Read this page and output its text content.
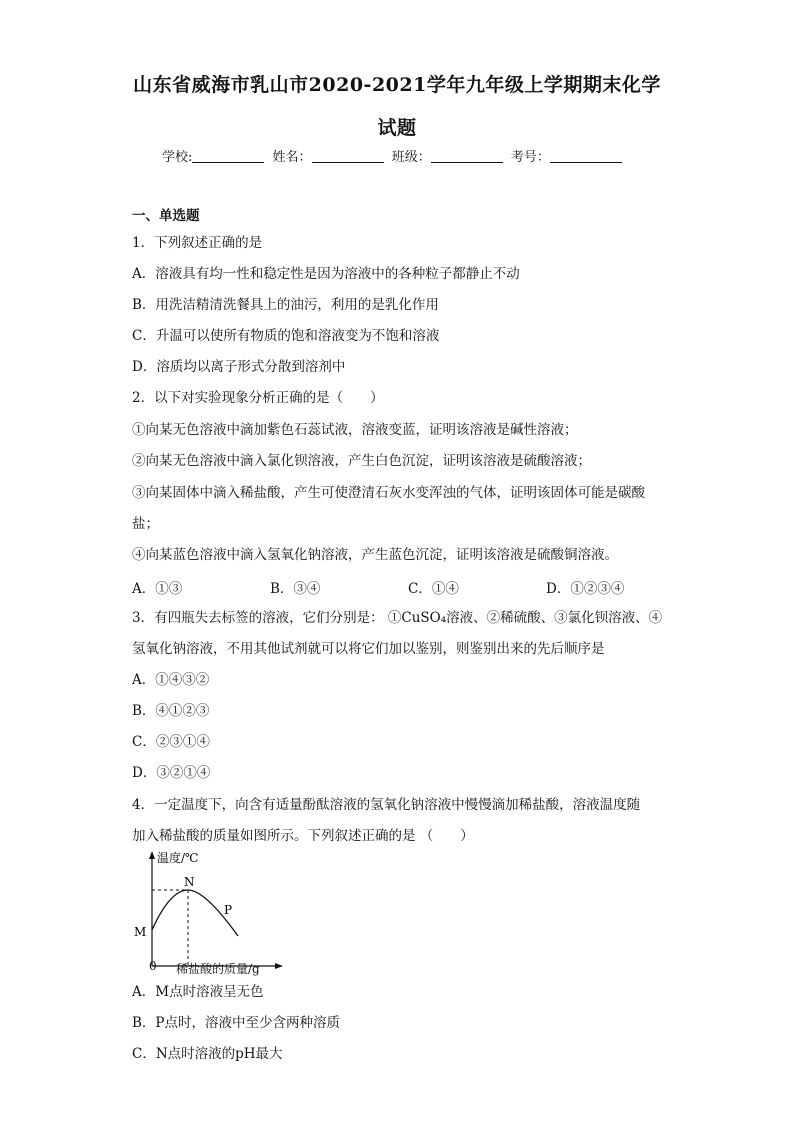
山东省威海市乳山市2020-2021学年九年级上学期期末化学
试题
学校:	姓名：	班级：	考号：
一、单选题
1．下列叙述正确的是
A．溶液具有均一性和稳定性是因为溶液中的各种粒子都静止不动
B．用洗洁精清洗餐具上的油污，利用的是乳化作用
C．升温可以使所有物质的饱和溶液变为不饱和溶液
D．溶质均以离子形式分散到溶剂中
2．以下对实验现象分析正确的是（　　）
①向某无色溶液中滴加紫色石蕊试液，溶液变蓝，证明该溶液是碱性溶液；
②向某无色溶液中滴入氯化钡溶液，产生白色沉淀，证明该溶液是硫酸溶液；
③向某固体中滴入稀盐酸，产生可使澄清石灰水变浑浊的气体，证明该固体可能是碳酸
盐；
④向某蓝色溶液中滴入氢氧化钠溶液，产生蓝色沉淀，证明该溶液是硫酸铜溶液。
A．①③	B．③④	C．①④	D．①②③④
3．有四瓶失去标签的溶液，它们分别是： ①CuSO₄溶液、②稀硫酸、③氯化钡溶液、④
氢氧化钠溶液，不用其他试剂就可以将它们加以鉴别，则鉴别出来的先后顺序是
A．①④③②
B．④①②③
C．②③①④
D．③②①④
4．一定温度下，向含有适量酚酞溶液的氢氧化钠溶液中慢慢滴加稀盐酸，溶液温度随
加入稀盐酸的质量如图所示。下列叙述正确的是 （　　）
温度/℃
N
P
M
0 稀盐酸的质量/g
A．M点时溶液呈无色
B．P点时，溶液中至少含两种溶质
C．N点时溶液的pH最大
